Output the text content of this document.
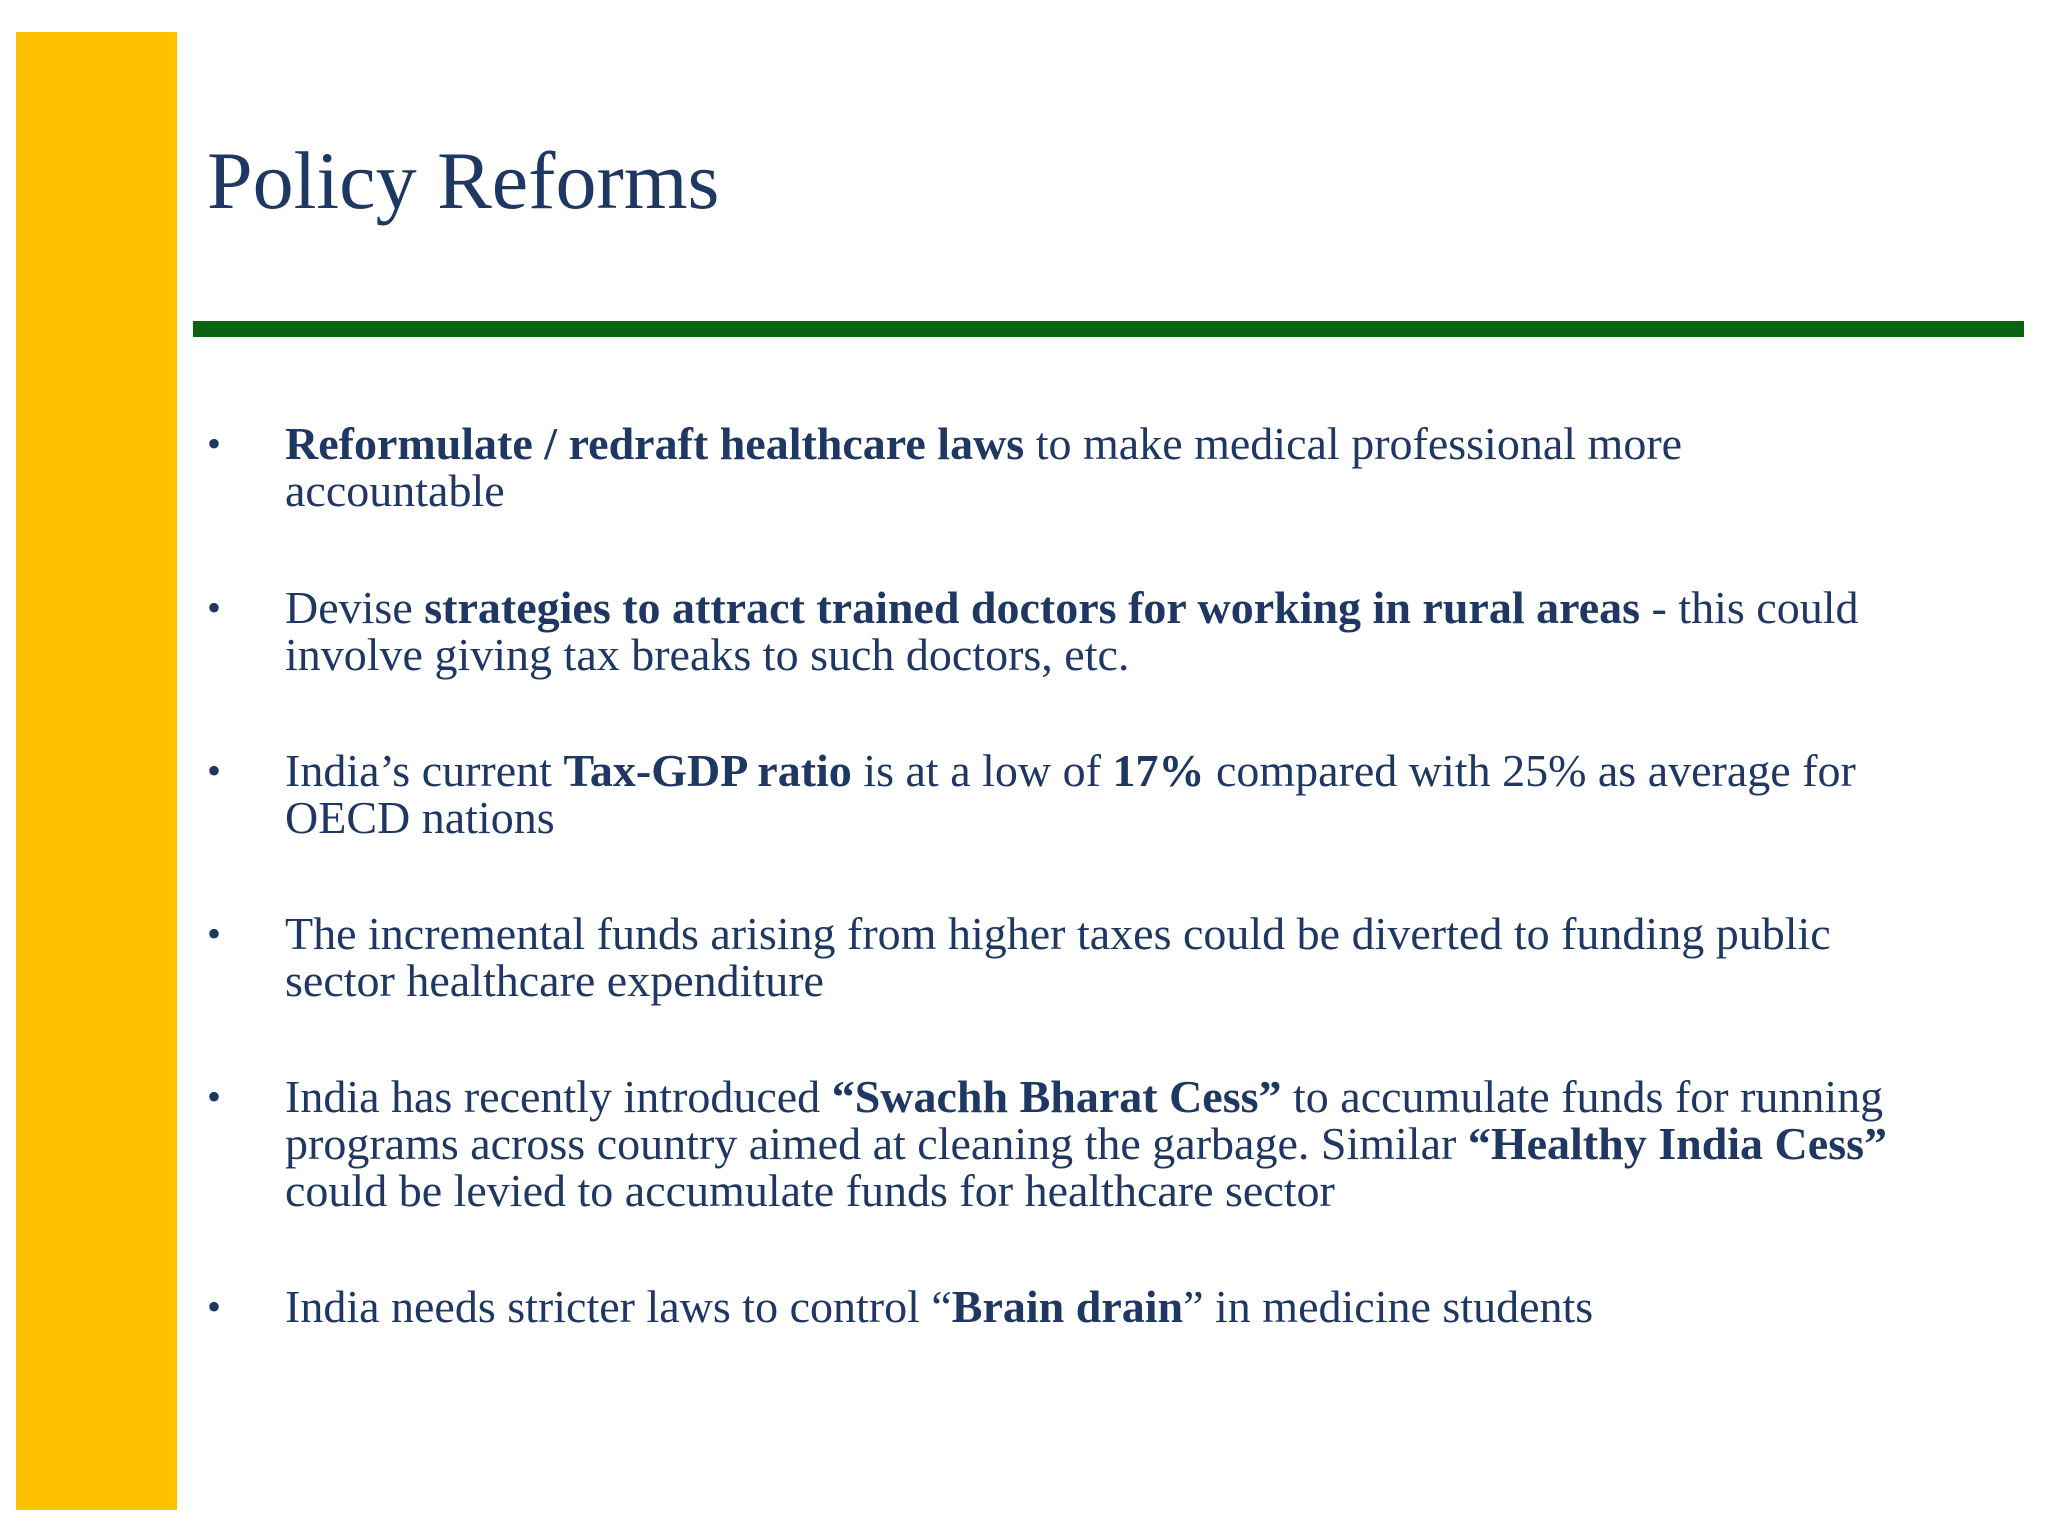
Policy Reforms
• Reformulate / redraft healthcare laws to make medical professional more accountable
• Devise strategies to attract trained doctors for working in rural areas - this could involve giving tax breaks to such doctors, etc.
• India’s current Tax-GDP ratio is at a low of 17% compared with 25% as average for OECD nations
• The incremental funds arising from higher taxes could be diverted to funding public sector healthcare expenditure
• India has recently introduced “Swachh Bharat Cess” to accumulate funds for running programs across country aimed at cleaning the garbage. Similar “Healthy India Cess” could be levied to accumulate funds for healthcare sector
• India needs stricter laws to control “Brain drain” in medicine students
